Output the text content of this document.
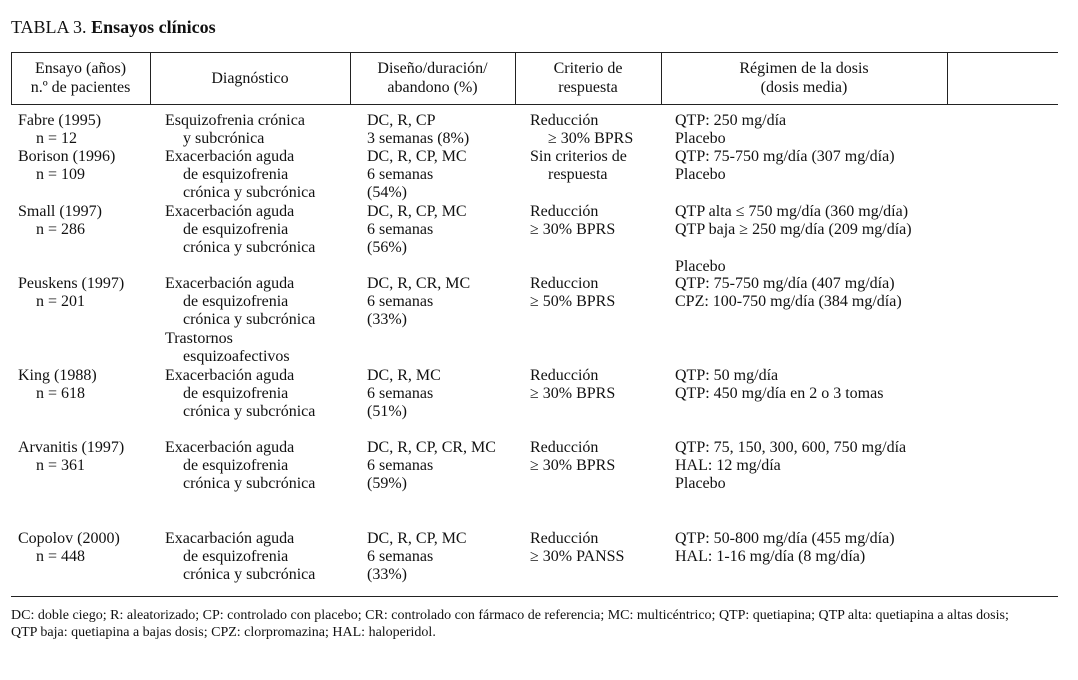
TABLA 3. Ensayos clínicos
Ensayo (años)
n.º de pacientes
Diagnóstico
Diseño/duración/
abandono (%)
Criterio de
respuesta
Régimen de la dosis
(dosis media)
Fabre (1995)
n = 12
Esquizofrenia crónica
y subcrónica
DC, R, CP
3 semanas (8%)
Reducción
≥ 30% BPRS
QTP: 250 mg/día
Placebo
Borison (1996)
n = 109
Exacerbación aguda
de esquizofrenia
crónica y subcrónica
DC, R, CP, MC
6 semanas
(54%)
Sin criterios de
respuesta
QTP: 75-750 mg/día (307 mg/día)
Placebo
Small (1997)
n = 286
Exacerbación aguda
de esquizofrenia
crónica y subcrónica
DC, R, CP, MC
6 semanas
(56%)
Reducción
≥ 30% BPRS
QTP alta ≤ 750 mg/día (360 mg/día)
QTP baja ≥ 250 mg/día (209 mg/día)
Placebo
Peuskens (1997)
n = 201
Exacerbación aguda
de esquizofrenia
crónica y subcrónica
Trastornos
esquizoafectivos
DC, R, CR, MC
6 semanas
(33%)
Reduccion
≥ 50% BPRS
QTP: 75-750 mg/día (407 mg/día)
CPZ: 100-750 mg/día (384 mg/día)
King (1988)
n = 618
Exacerbación aguda
de esquizofrenia
crónica y subcrónica
DC, R, MC
6 semanas
(51%)
Reducción
≥ 30% BPRS
QTP: 50 mg/día
QTP: 450 mg/día en 2 o 3 tomas
Arvanitis (1997)
n = 361
Exacerbación aguda
de esquizofrenia
crónica y subcrónica
DC, R, CP, CR, MC
6 semanas
(59%)
Reducción
≥ 30% BPRS
QTP: 75, 150, 300, 600, 750 mg/día
HAL: 12 mg/día
Placebo
Copolov (2000)
n = 448
Exacarbación aguda
de esquizofrenia
crónica y subcrónica
DC, R, CP, MC
6 semanas
(33%)
Reducción
≥ 30% PANSS
QTP: 50-800 mg/día (455 mg/día)
HAL: 1-16 mg/día (8 mg/día)
DC: doble ciego; R: aleatorizado; CP: controlado con placebo; CR: controlado con fármaco de referencia; MC: multicéntrico; QTP: quetiapina; QTP alta: quetiapina a altas dosis; QTP baja: quetiapina a bajas dosis; CPZ: clorpromazina; HAL: haloperidol.
